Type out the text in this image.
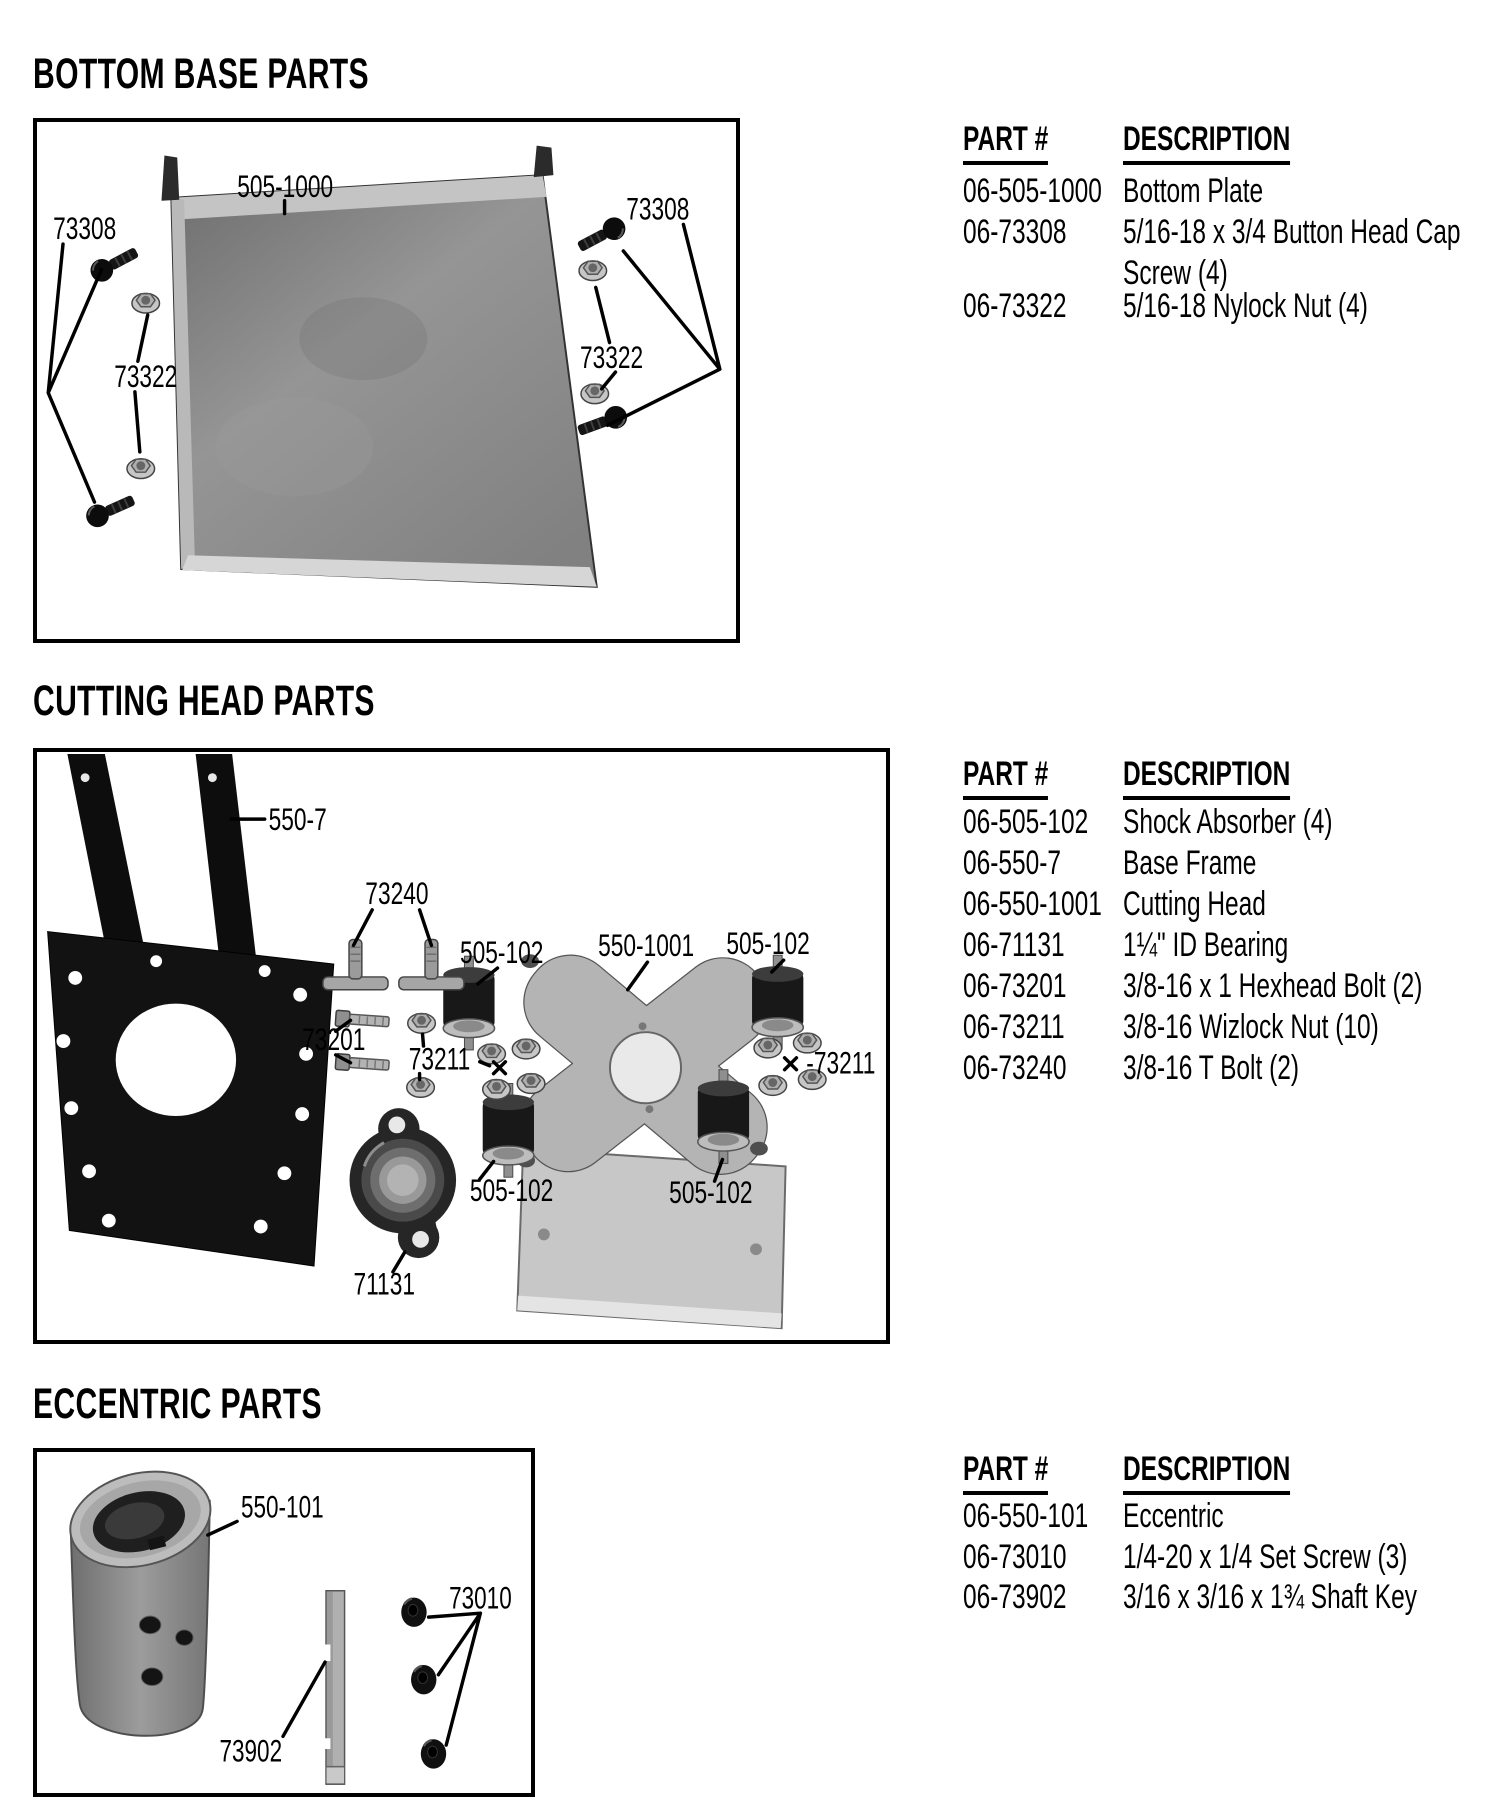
BOTTOM BASE PARTS
505-1000
73308
73308
73322
73322
PART # DESCRIPTION
06-505-1000 Bottom Plate
06-73308 5/16-18 x 3/4 Button Head Cap Screw (4)
06-73322 5/16-18 Nylock Nut (4)
CUTTING HEAD PARTS
550-7
73240
505-102 550-1001 505-102
73201
73211	-73211
505-102	505-102
71131
PART # DESCRIPTION
06-505-102 Shock Absorber (4)
06-550-7 Base Frame
06-550-1001 Cutting Head
06-71131 1¼" ID Bearing
06-73201 3/8-16 x 1 Hexhead Bolt (2)
06-73211 3/8-16 Wizlock Nut (10)
06-73240 3/8-16 T Bolt (2)
ECCENTRIC PARTS
550-101
73902
73010
PART # DESCRIPTION
06-550-101 Eccentric
06-73010 1/4-20 x 1/4 Set Screw (3)
06-73902 3/16 x 3/16 x 1¾ Shaft Key
